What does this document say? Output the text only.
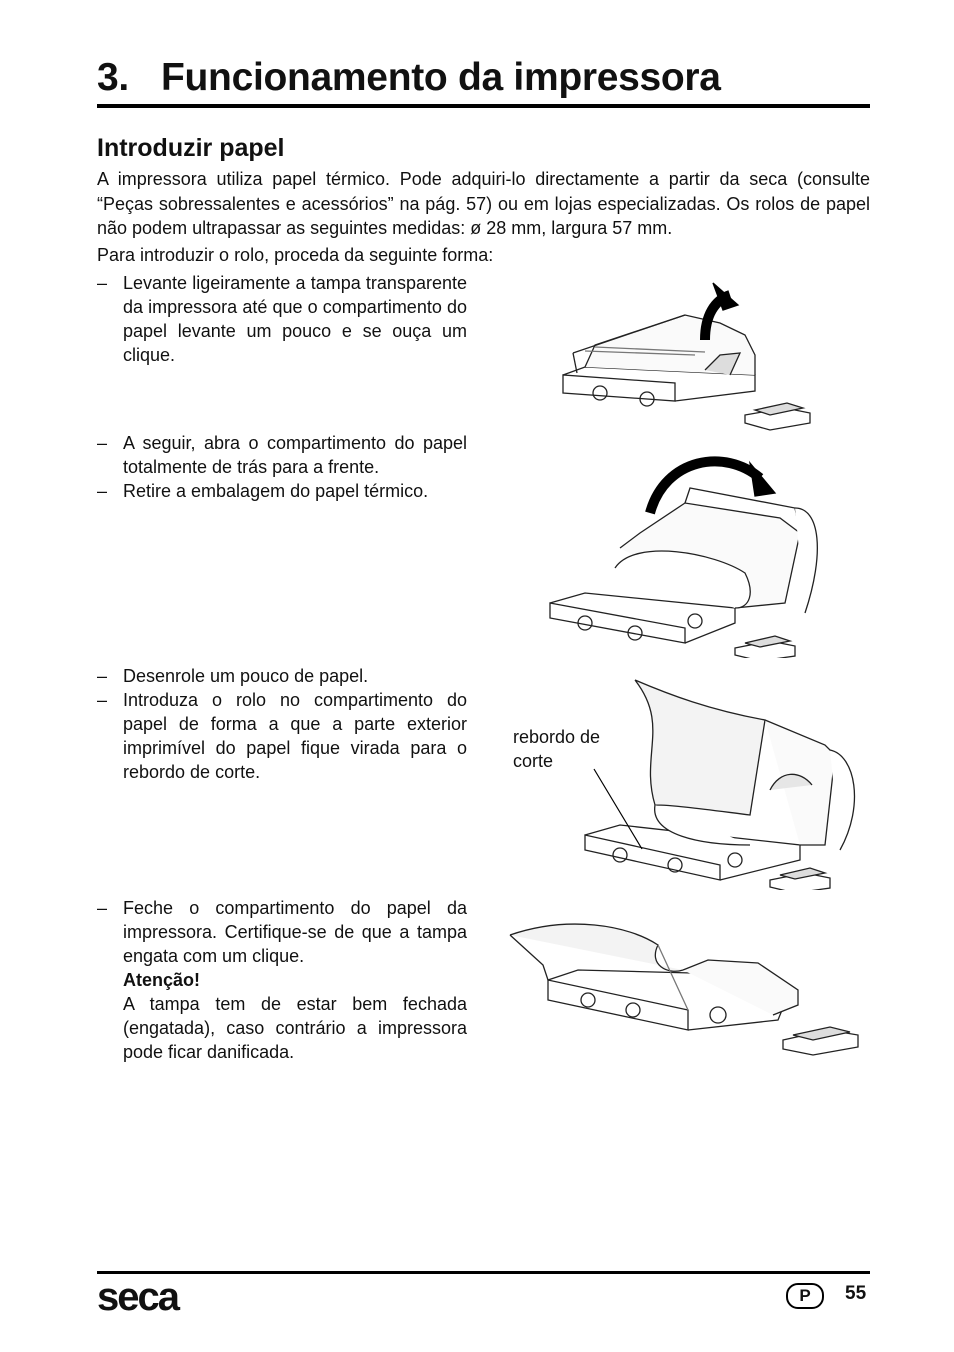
3. Funcionamento da impressora
Introduzir papel
A impressora utiliza papel térmico. Pode adquiri-lo directamente a partir da seca (consulte “Peças sobressalentes e acessórios” na pág. 57) ou em lojas especializadas. Os rolos de papel não podem ultrapassar as seguintes medidas: ø 28 mm, largura 57 mm.
Para introduzir o rolo, proceda da seguinte forma:
– Levante ligeiramente a tampa transparente da impressora até que o compartimento do papel levante um pouco e se ouça um clique.
– A seguir, abra o compartimento do papel totalmente de trás para a frente.
– Retire a embalagem do papel térmico.
– Desenrole um pouco de papel.
– Introduza o rolo no compartimento do papel de forma a que a parte exterior imprimível do papel fique virada para o rebordo de corte.
– Feche o compartimento do papel da impressora. Certifique-se de que a tampa engata com um clique.
Atenção!
A tampa tem de estar bem fechada (engatada), caso contrário a impressora pode ficar danificada.
rebordo de corte
seca	P	55
